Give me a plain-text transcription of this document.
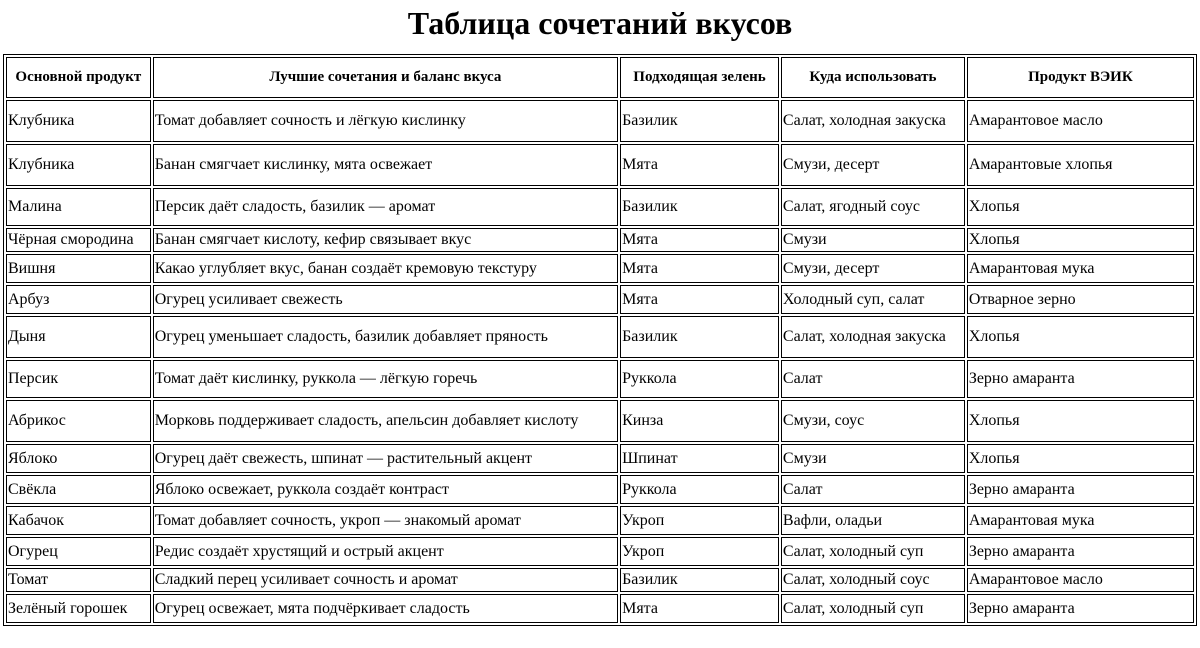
Таблица сочетаний вкусов
Основной продукт	Лучшие сочетания и баланс вкуса	Подходящая зелень	Куда использовать	Продукт ВЭИК
Клубника	Томат добавляет сочность и лёгкую кислинку	Базилик	Салат, холодная закуска	Амарантовое масло
Клубника	Банан смягчает кислинку, мята освежает	Мята	Смузи, десерт	Амарантовые хлопья
Малина	Персик даёт сладость, базилик — аромат	Базилик	Салат, ягодный соус	Хлопья
Чёрная смородина	Банан смягчает кислоту, кефир связывает вкус	Мята	Смузи	Хлопья
Вишня	Какао углубляет вкус, банан создаёт кремовую текстуру	Мята	Смузи, десерт	Амарантовая мука
Арбуз	Огурец усиливает свежесть	Мята	Холодный суп, салат	Отварное зерно
Дыня	Огурец уменьшает сладость, базилик добавляет пряность	Базилик	Салат, холодная закуска	Хлопья
Персик	Томат даёт кислинку, руккола — лёгкую горечь	Руккола	Салат	Зерно амаранта
Абрикос	Морковь поддерживает сладость, апельсин добавляет кислоту	Кинза	Смузи, соус	Хлопья
Яблоко	Огурец даёт свежесть, шпинат — растительный акцент	Шпинат	Смузи	Хлопья
Свёкла	Яблоко освежает, руккола создаёт контраст	Руккола	Салат	Зерно амаранта
Кабачок	Томат добавляет сочность, укроп — знакомый аромат	Укроп	Вафли, оладьи	Амарантовая мука
Огурец	Редис создаёт хрустящий и острый акцент	Укроп	Салат, холодный суп	Зерно амаранта
Томат	Сладкий перец усиливает сочность и аромат	Базилик	Салат, холодный соус	Амарантовое масло
Зелёный горошек	Огурец освежает, мята подчёркивает сладость	Мята	Салат, холодный суп	Зерно амаранта
